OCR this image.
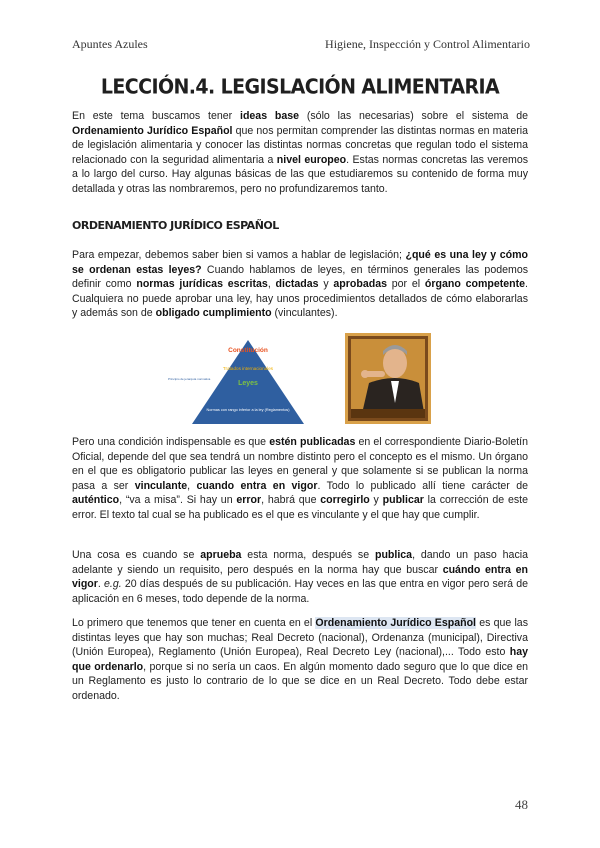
Apuntes Azules	Higiene, Inspección y Control Alimentario
LECCIÓN.4. LEGISLACIÓN ALIMENTARIA

En este tema buscamos tener ideas base (sólo las necesarias) sobre el sistema de Ordenamiento Jurídico Español que nos permitan comprender las distintas normas en materia de legislación alimentaria y conocer las distintas normas concretas que regulan todo el sistema relacionado con la seguridad alimentaria a nivel europeo. Estas normas concretas las veremos a lo largo del curso. Hay algunas básicas de las que estudiaremos su contenido de forma muy detallada y otras las nombraremos, pero no profundizaremos tanto.

ORDENAMIENTO JURÍDICO ESPAÑOL

Para empezar, debemos saber bien si vamos a hablar de legislación; ¿qué es una ley y cómo se ordenan estas leyes? Cuando hablamos de leyes, en términos generales las podemos definir como normas jurídicas escritas, dictadas y aprobadas por el órgano competente. Cualquiera no puede aprobar una ley, hay unos procedimientos detallados de cómo elaborarlas y además son de obligado cumplimiento (vinculantes).

Constitución
Tratados internacionales
Leyes
Normas con rango inferior a la ley (Reglamentos)
Principio de jerarquía normativa

Pero una condición indispensable es que estén publicadas en el correspondiente Diario-Boletín Oficial, depende del que sea tendrá un nombre distinto pero el concepto es el mismo. Un órgano en el que es obligatorio publicar las leyes en general y que solamente si se publican la norma pasa a ser vinculante, cuando entra en vigor. Todo lo publicado allí tiene carácter de auténtico, “va a misa”. Si hay un error, habrá que corregirlo y publicar la corrección de este error. El texto tal cual se ha publicado es el que es vinculante y el que hay que cumplir.

Una cosa es cuando se aprueba esta norma, después se publica, dando un paso hacia adelante y siendo un requisito, pero después en la norma hay que buscar cuándo entra en vigor. e.g. 20 días después de su publicación. Hay veces en las que entra en vigor pero será de aplicación en 6 meses, todo depende de la norma.

Lo primero que tenemos que tener en cuenta en el Ordenamiento Jurídico Español es que las distintas leyes que hay son muchas; Real Decreto (nacional), Ordenanza (municipal), Directiva (Unión Europea), Reglamento (Unión Europea), Real Decreto Ley (nacional),... Todo esto hay que ordenarlo, porque si no sería un caos. En algún momento dado seguro que lo que dice en un Reglamento es justo lo contrario de lo que se dice en un Real Decreto. Todo debe estar ordenado.

48
